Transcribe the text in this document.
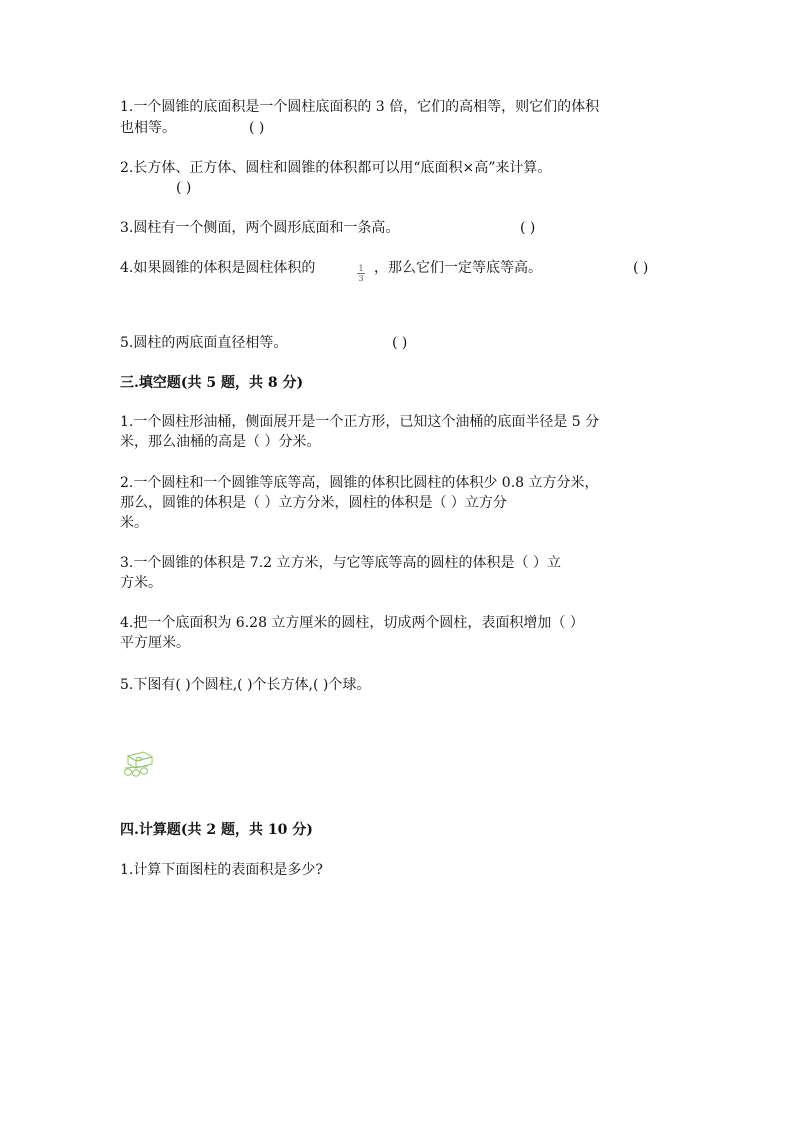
1.一个圆锥的底面积是一个圆柱底面积的 3 倍，它们的高相等，则它们的体积
也相等。	( )
2.长方体、正方体、圆柱和圆锥的体积都可以用“底面积×高”来计算。
( )
3.圆柱有一个侧面，两个圆形底面和一条高。	( )
4.如果圆锥的体积是圆柱体积的	1
3
，那么它们一定等底等高。	( )
5.圆柱的两底面直径相等。	( )
三.填空题(共 5 题，共 8 分)
1.一个圆柱形油桶，侧面展开是一个正方形，已知这个油桶的底面半径是 5 分
米，那么油桶的高是（ ）分米。
2.一个圆柱和一个圆锥等底等高，圆锥的体积比圆柱的体积少 0.8 立方分米，
那么，圆锥的体积是（ ）立方分米，圆柱的体积是（ ）立方分
米。
3.一个圆锥的体积是 7.2 立方米，与它等底等高的圆柱的体积是（ ）立
方米。
4.把一个底面积为 6.28 立方厘米的圆柱，切成两个圆柱，表面积增加（ ）
平方厘米。
5.下图有( )个圆柱,( )个长方体,( )个球。
四.计算题(共 2 题，共 10 分)
1.计算下面图柱的表面积是多少?
